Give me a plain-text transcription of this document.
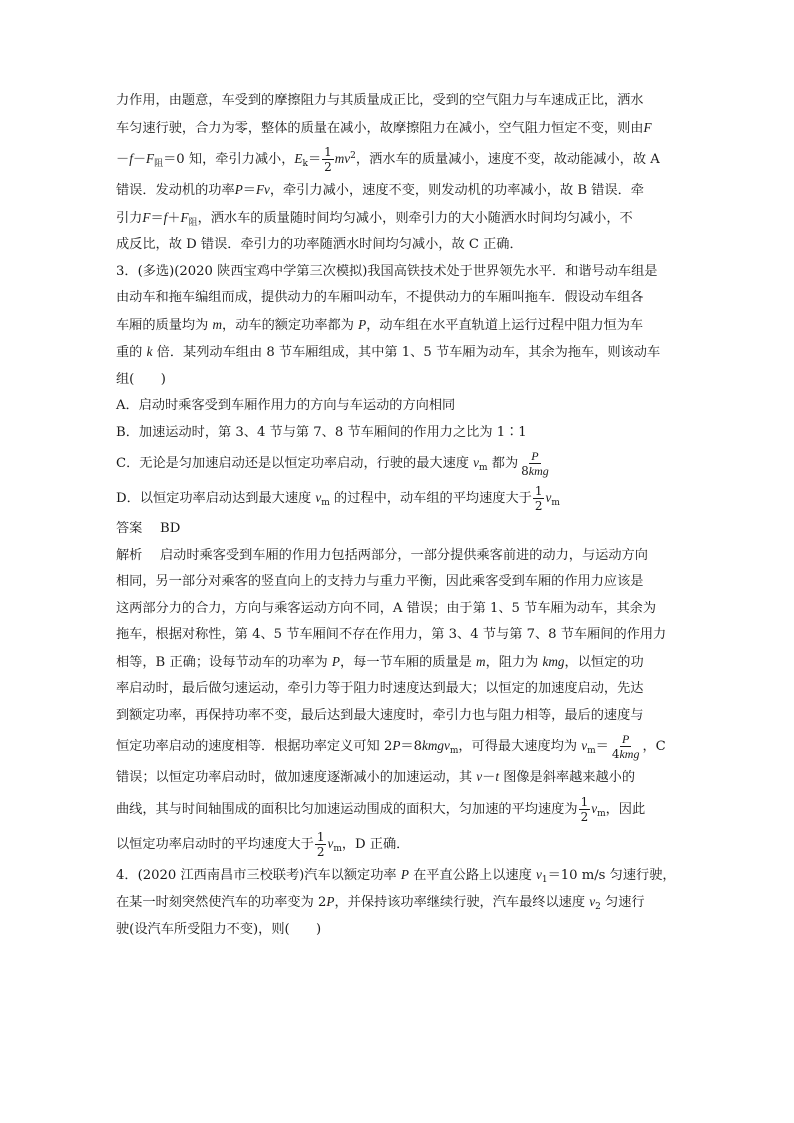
力作用，由题意，车受到的摩擦阻力与其质量成正比，受到的空气阻力与车速成正比，洒水
车匀速行驶，合力为零，整体的质量在减小，故摩擦阻力在减小，空气阻力恒定不变，则由F
$-f-F_阻=0$ 知，牵引力减小，$E_k= \frac{1}{2} mv^2$，洒水车的质量减小，速度不变，故动能减小，故 A
错误．发动机的功率P＝Fv，牵引力减小，速度不变，则发动机的功率减小，故 B 错误．牵
引力$F=f+F_阻$，洒水车的质量随时间均匀减小，则牵引力的大小随洒水时间均匀减小，不
成反比，故 D 错误．牵引力的功率随洒水时间均匀减小，故 C 正确．

3．(多选)(2020 陕西宝鸡中学第三次模拟)我国高铁技术处于世界领先水平．和谐号动车组是
由动车和拖车编组而成，提供动力的车厢叫动车，不提供动力的车厢叫拖车．假设动车组各
车厢的质量均为 m，动车的额定功率都为 P，动车组在水平直轨道上运行过程中阻力恒为车
重的 k 倍．某列动车组由 8 节车厢组成，其中第 1、5 节车厢为动车，其余为拖车，则该动车
组(　　)

A．启动时乘客受到车厢作用力的方向与车运动的方向相同

B．加速运动时，第 3、4 节与第 7、8 节车厢间的作用力之比为 1∶1

C．无论是匀加速启动还是以恒定功率启动，行驶的最大速度 $v_m$ 都为 $\frac{P}{\text{8kmg}}$

D．以恒定功率启动达到最大速度 $v_m$ 的过程中，动车组的平均速度大于 $\frac{1}{2} v_m$

答案 BD

解析 启动时乘客受到车厢的作用力包括两部分，一部分提供乘客前进的动力，与运动方向
相同，另一部分对乘客的竖直向上的支持力与重力平衡，因此乘客受到车厢的作用力应该是
这两部分力的合力，方向与乘客运动方向不同，A 错误；由于第 1、5 节车厢为动车，其余为
拖车，根据对称性，第 4、5 节车厢间不存在作用力，第 3、4 节与第 7、8 节车厢间的作用力
相等，B 正确；设每节动车的功率为 P，每一节车厢的质量是 m，阻力为 kmg，以恒定的功
率启动时，最后做匀速运动，牵引力等于阻力时速度达到最大；以恒定的加速度启动，先达
到额定功率，再保持功率不变，最后达到最大速度时，牵引力也与阻力相等，最后的速度与
恒定功率启动的速度相等．根据功率定义可知 2P＝8kmgv$_m$，可得最大速度均为 $v_m= \frac{P}{\text{4kmg}}$ ，C
错误；以恒定功率启动时，做加速度逐渐减小的加速运动，其 v－t 图像是斜率越来越小的
曲线，其与时间轴围成的面积比匀加速运动围成的面积大，匀加速的平均速度为 $\frac{1}{2} v_m$，因此
以恒定功率启动时的平均速度大于 $\frac{1}{2} v_m$，D 正确．

4．(2020 江西南昌市三校联考)汽车以额定功率 P 在平直公路上以速度 $v_1=10$ m/s 匀速行驶，
在某一时刻突然使汽车的功率变为 2P，并保持该功率继续行驶，汽车最终以速度 $v_2$ 匀速行
驶(设汽车所受阻力不变)，则(　　)
